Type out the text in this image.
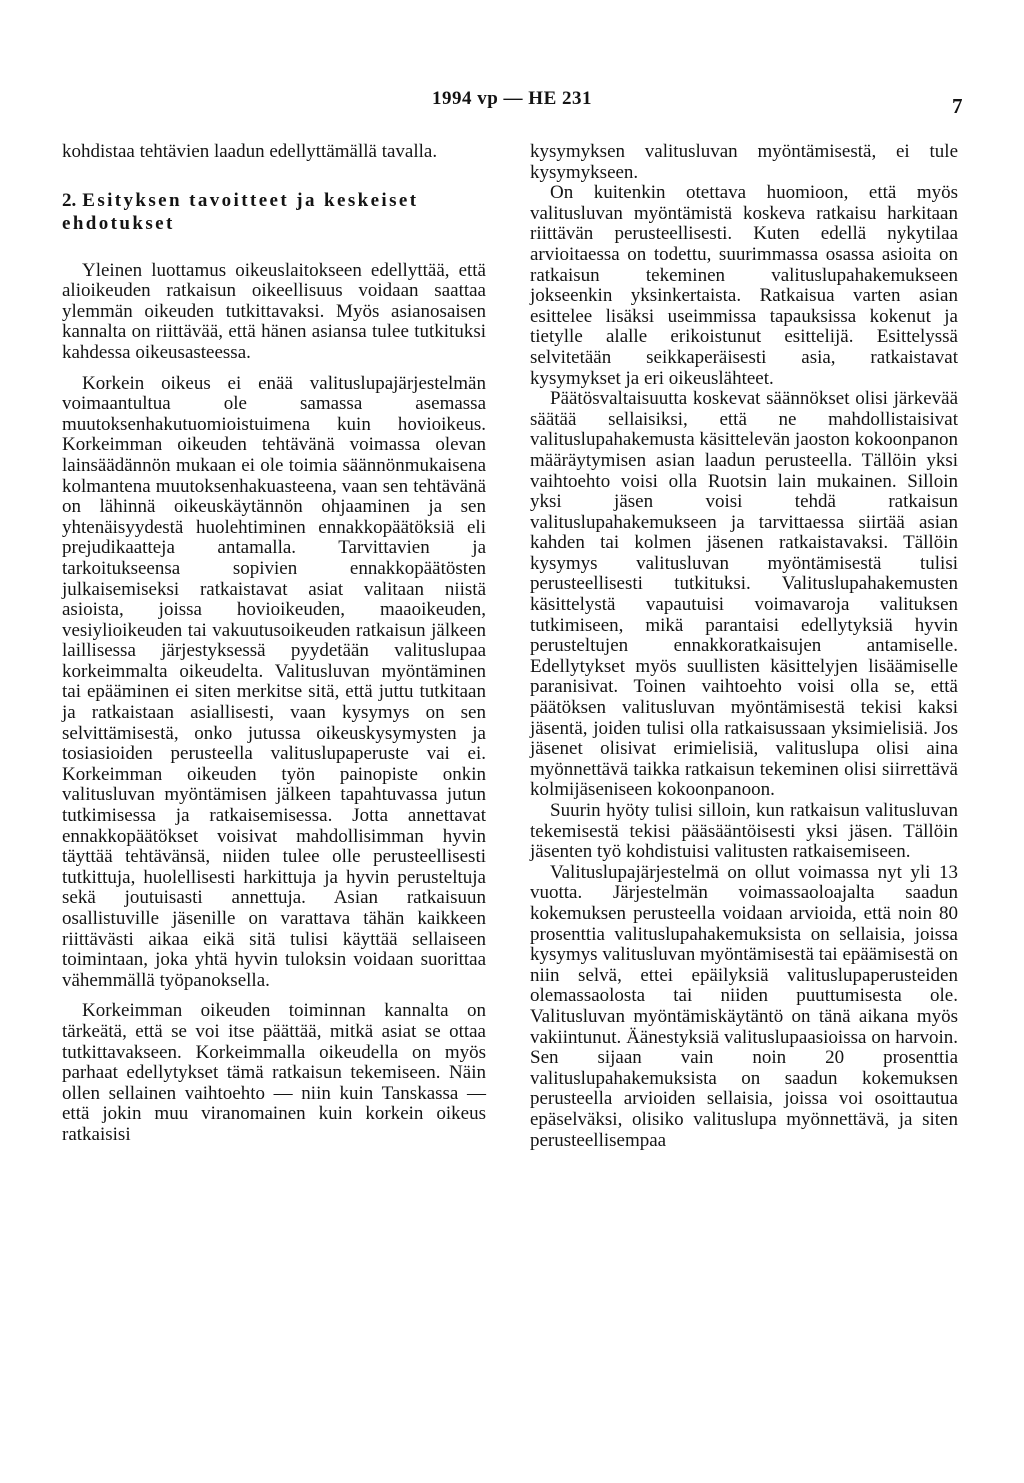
1994 vp — HE 231	7

kohdistaa tehtävien laadun edellyttämällä tavalla.

2. Esityksen tavoitteet ja keskeiset ehdotukset

Yleinen luottamus oikeuslaitokseen edellyttää, että alioikeuden ratkaisun oikeellisuus voidaan saattaa ylemmän oikeuden tutkittavaksi. Myös asianosaisen kannalta on riittävää, että hänen asiansa tulee tutkituksi kahdessa oikeusasteessa.

Korkein oikeus ei enää valituslupajärjestelmän voimaantultua ole samassa asemassa muutoksenhakutuomioistuimena kuin hovioikeus. Korkeimman oikeuden tehtävänä voimassa olevan lainsäädännön mukaan ei ole toimia säännönmukaisena kolmantena muutoksenhakuasteena, vaan sen tehtävänä on lähinnä oikeuskäytännön ohjaaminen ja sen yhtenäisyydestä huolehtiminen ennakkopäätöksiä eli prejudikaatteja antamalla. Tarvittavien ja tarkoitukseensa sopivien ennakkopäätösten julkaisemiseksi ratkaistavat asiat valitaan niistä asioista, joissa hovioikeuden, maaoikeuden, vesiylioikeuden tai vakuutusoikeuden ratkaisun jälkeen laillisessa järjestyksessä pyydetään valituslupaa korkeimmalta oikeudelta. Valitusluvan myöntäminen tai epääminen ei siten merkitse sitä, että juttu tutkitaan ja ratkaistaan asiallisesti, vaan kysymys on sen selvittämisestä, onko jutussa oikeuskysymysten ja tosiasioiden perusteella valituslupaperuste vai ei. Korkeimman oikeuden työn painopiste onkin valitusluvan myöntämisen jälkeen tapahtuvassa jutun tutkimisessa ja ratkaisemisessa. Jotta annettavat ennakkopäätökset voisivat mahdollisimman hyvin täyttää tehtävänsä, niiden tulee olle perusteellisesti tutkittuja, huolellisesti harkittuja ja hyvin perusteltuja sekä joutuisasti annettuja. Asian ratkaisuun osallistuville jäsenille on varattava tähän kaikkeen riittävästi aikaa eikä sitä tulisi käyttää sellaiseen toimintaan, joka yhtä hyvin tuloksin voidaan suorittaa vähemmällä työpanoksella.

Korkeimman oikeuden toiminnan kannalta on tärkeätä, että se voi itse päättää, mitkä asiat se ottaa tutkittavakseen. Korkeimmalla oikeudella on myös parhaat edellytykset tämä ratkaisun tekemiseen. Näin ollen sellainen vaihtoehto — niin kuin Tanskassa — että jokin muu viranomainen kuin korkein oikeus ratkaisisi

kysymyksen valitusluvan myöntämisestä, ei tule kysymykseen.

On kuitenkin otettava huomioon, että myös valitusluvan myöntämistä koskeva ratkaisu harkitaan riittävän perusteellisesti. Kuten edellä nykytilaa arvioitaessa on todettu, suurimmassa osassa asioita on ratkaisun tekeminen valituslupahakemukseen jokseenkin yksinkertaista. Ratkaisua varten asian esittelee lisäksi useimmissa tapauksissa kokenut ja tietylle alalle erikoistunut esittelijä. Esittelyssä selvitetään seikkaperäisesti asia, ratkaistavat kysymykset ja eri oikeuslähteet.

Päätösvaltaisuutta koskevat säännökset olisi järkevää säätää sellaisiksi, että ne mahdollistaisivat valituslupahakemusta käsittelevän jaoston kokoonpanon määräytymisen asian laadun perusteella. Tällöin yksi vaihtoehto voisi olla Ruotsin lain mukainen. Silloin yksi jäsen voisi tehdä ratkaisun valituslupahakemukseen ja tarvittaessa siirtää asian kahden tai kolmen jäsenen ratkaistavaksi. Tällöin kysymys valitusluvan myöntämisestä tulisi perusteellisesti tutkituksi. Valituslupahakemusten käsittelystä vapautuisi voimavaroja valituksen tutkimiseen, mikä parantaisi edellytyksiä hyvin perusteltujen ennakkoratkaisujen antamiselle. Edellytykset myös suullisten käsittelyjen lisäämiselle paranisivat. Toinen vaihtoehto voisi olla se, että päätöksen valitusluvan myöntämisestä tekisi kaksi jäsentä, joiden tulisi olla ratkaisussaan yksimielisiä. Jos jäsenet olisivat erimielisiä, valituslupa olisi aina myönnettävä taikka ratkaisun tekeminen olisi siirrettävä kolmijäseniseen kokoonpanoon.

Suurin hyöty tulisi silloin, kun ratkaisun valitusluvan tekemisestä tekisi pääsääntöisesti yksi jäsen. Tällöin jäsenten työ kohdistuisi valitusten ratkaisemiseen.

Valituslupajärjestelmä on ollut voimassa nyt yli 13 vuotta. Järjestelmän voimassaoloajalta saadun kokemuksen perusteella voidaan arvioida, että noin 80 prosenttia valituslupahakemuksista on sellaisia, joissa kysymys valitusluvan myöntämisestä tai epäämisestä on niin selvä, ettei epäilyksiä valituslupaperusteiden olemassaolosta tai niiden puuttumisesta ole. Valitusluvan myöntämiskäytäntö on tänä aikana myös vakiintunut. Äänestyksiä valituslupaasioissa on harvoin. Sen sijaan vain noin 20 prosenttia valituslupahakemuksista on saadun kokemuksen perusteella arvioiden sellaisia, joissa voi osoittautua epäselväksi, olisiko valituslupa myönnettävä, ja siten perusteellisempaa
